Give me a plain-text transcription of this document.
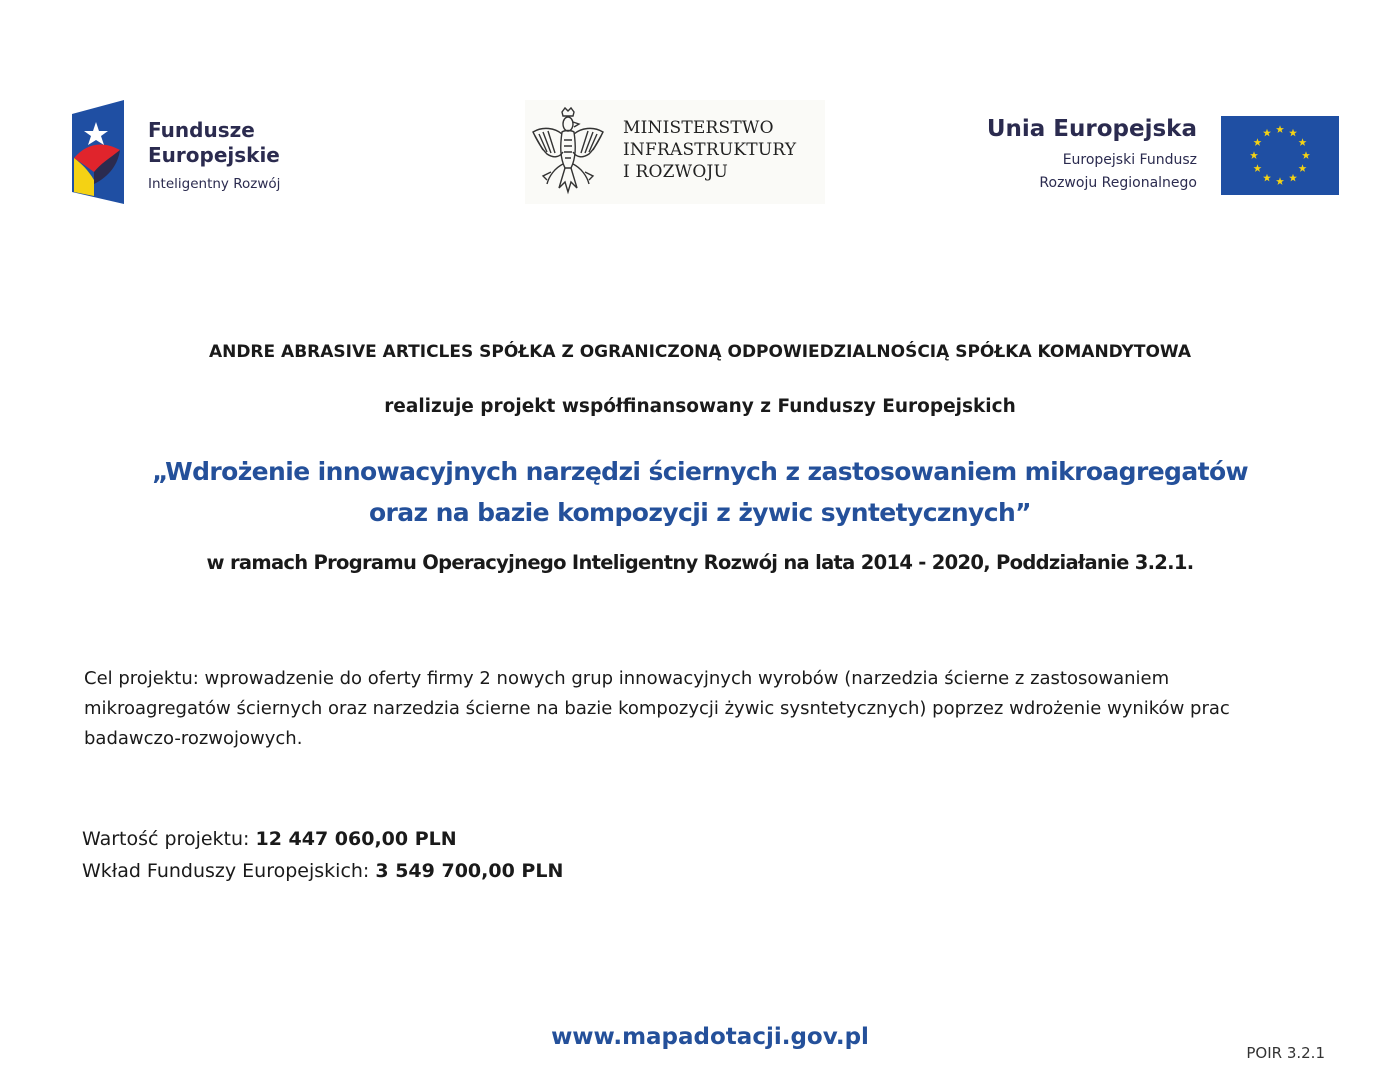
Fundusze
Europejskie
Inteligentny Rozwój
MINISTERSTWO
INFRASTRUKTURY
I ROZWOJU
Unia Europejska
Europejski Fundusz
Rozwoju Regionalnego
ANDRE ABRASIVE ARTICLES SPÓŁKA Z OGRANICZONĄ ODPOWIEDZIALNOŚCIĄ SPÓŁKA KOMANDYTOWA
realizuje projekt współfinansowany z Funduszy Europejskich
„Wdrożenie innowacyjnych narzędzi ściernych z zastosowaniem mikroagregatów
oraz na bazie kompozycji z żywic syntetycznych”
w ramach Programu Operacyjnego Inteligentny Rozwój na lata 2014 - 2020, Poddziałanie 3.2.1.
Cel projektu: wprowadzenie do oferty firmy 2 nowych grup innowacyjnych wyrobów (narzedzia ścierne z zastosowaniem
mikroagregatów ściernych oraz narzedzia ścierne na bazie kompozycji żywic sysntetycznych) poprzez wdrożenie wyników prac
badawczo-rozwojowych.
Wartość projektu: 12 447 060,00 PLN
Wkład Funduszy Europejskich: 3 549 700,00 PLN
www.mapadotacji.gov.pl
POIR 3.2.1
